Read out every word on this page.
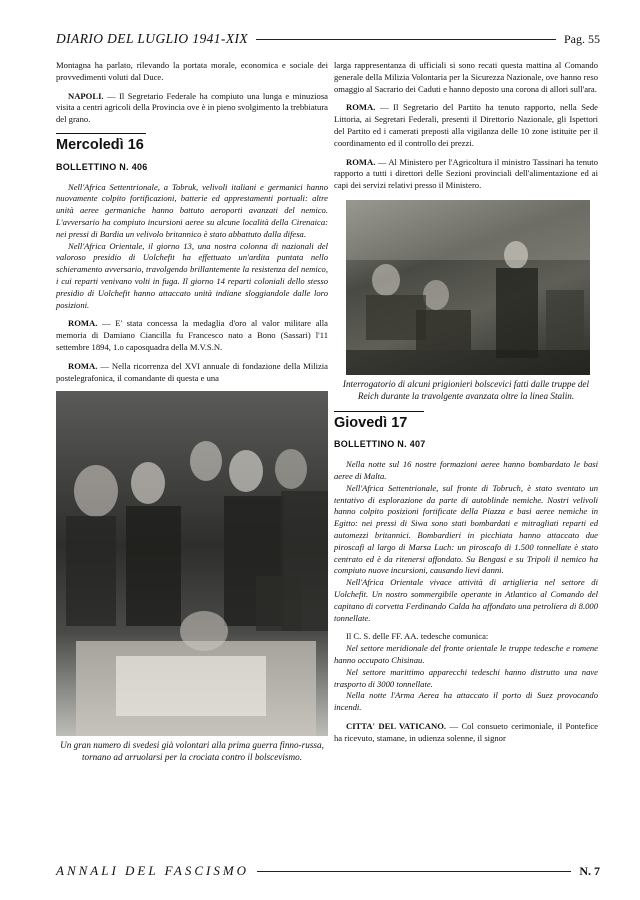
DIARIO DEL LUGLIO 1941-XIX	Pag. 55

Montagna ha parlato, rilevando la portata morale, economica e sociale dei provvedimenti voluti dal Duce.

NAPOLI. — Il Segretario Federale ha compiuto una lunga e minuziosa visita a centri agricoli della Provincia ove è in pieno svolgimento la trebbiatura del grano.

Mercoledì 16
BOLLETTINO N. 406

Nell'Africa Settentrionale, a Tobruk, velivoli italiani e germanici hanno nuovamente colpito fortificazioni, batterie ed apprestamenti portuali: altre unità aeree germaniche hanno battuto aeroporti avanzati del nemico. L'avversario ha compiuto incursioni aeree su alcune località della Cirenaica: nei pressi di Bardia un velivolo britannico è stato abbattuto dalla difesa.

Nell'Africa Orientale, il giorno 13, una nostra colonna di nazionali del valoroso presidio di Uolchefit ha effettuato un'ardita puntata nello schieramento avversario, travolgendo brillantemente la resistenza del nemico, i cui reparti venivano volti in fuga. Il giorno 14 reparti coloniali dello stesso presidio di Uolchefit hanno attaccato unità indiane sloggiandole dalle loro posizioni.

ROMA. — E' stata concessa la medaglia d'oro al valor militare alla memoria di Damiano Ciancilla fu Francesco nato a Bono (Sassari) l'11 settembre 1894, 1.o caposquadra della M.V.S.N.

ROMA. — Nella ricorrenza del XVI annuale di fondazione della Milizia postelegrafonica, il comandante di questa e una

Un gran numero di svedesi già volontari alla prima guerra finno-russa, tornano ad arruolarsi per la crociata contro il bolscevismo.

larga rappresentanza di ufficiali si sono recati questa mattina al Comando generale della Milizia Volontaria per la Sicurezza Nazionale, ove hanno reso omaggio al Sacrario dei Caduti e hanno deposto una corona di allori sull'ara.

ROMA. — Il Segretario del Partito ha tenuto rapporto, nella Sede Littoria, ai Segretari Federali, presenti il Direttorio Nazionale, gli Ispettori del Partito ed i camerati preposti alla vigilanza delle 10 zone istituite per il coordinamento ed il controllo dei prezzi.

ROMA. — Al Ministero per l'Agricoltura il ministro Tassinari ha tenuto rapporto a tutti i direttori delle Sezioni provinciali dell'alimentazione ed ai capi dei servizi relativi presso il Ministero.

Interrogatorio di alcuni prigionieri bolscevici fatti dalle truppe del Reich durante la travolgente avanzata oltre la linea Stalin.

Giovedì 17
BOLLETTINO N. 407

Nella notte sul 16 nostre formazioni aeree hanno bombardato le basi aeree di Malta.

Nell'Africa Settentrionale, sul fronte di Tobruch, è stato sventato un tentativo di esplorazione da parte di autoblinde nemiche. Nostri velivoli hanno colpito posizioni fortificate della Piazza e basi aeree nemiche in Egitto: nei pressi di Siwa sono stati bombardati e mitragliati reparti ed automezzi britannici. Bombardieri in picchiata hanno attaccato due piroscafi al largo di Marsa Luch: un piroscafo di 1.500 tonnellate è stato centrato ed è da ritenersi affondato. Su Bengasi e su Tripoli il nemico ha compiuto nuove incursioni, causando lievi danni.

Nell'Africa Orientale vivace attività di artiglieria nel settore di Uolchefit. Un nostro sommergibile operante in Atlantico al Comando del capitano di corvetta Ferdinando Calda ha affondato una petroliera di 8.000 tonnellate.

Il C. S. delle FF. AA. tedesche comunica:

Nel settore meridionale del fronte orientale le truppe tedesche e romene hanno occupato Chisinau.

Nel settore marittimo apparecchi tedeschi hanno distrutto una nave trasporto di 3000 tonnellate.

Nella notte l'Arma Aerea ha attaccato il porto di Suez provocando incendi.

CITTA' DEL VATICANO. — Col consueto cerimoniale, il Pontefice ha ricevuto, stamane, in udienza solenne, il signor

ANNALI DEL FASCISMO	N. 7
